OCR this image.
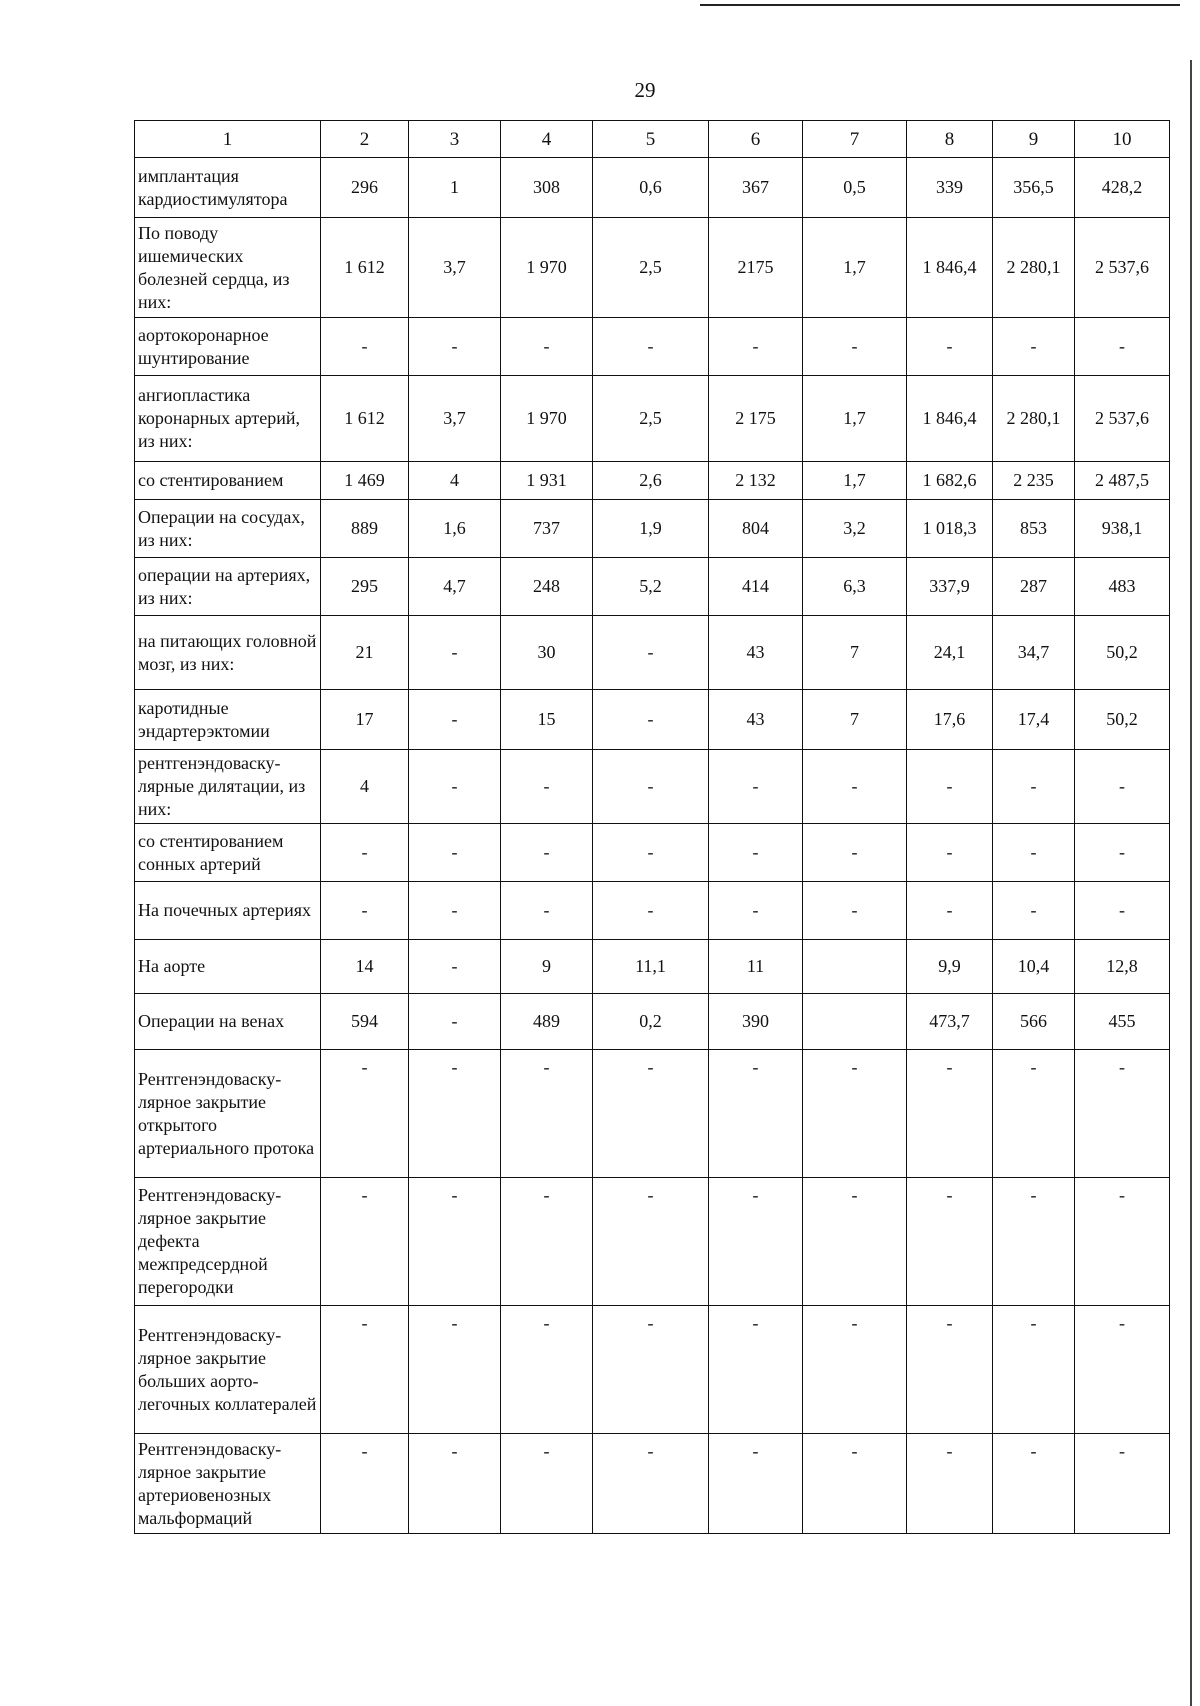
29
1	2	3	4	5	6	7	8	9	10
имплантация кардиостимулятора	296	1	308	0,6	367	0,5	339	356,5	428,2
По поводу ишемических болезней сердца, из них:	1 612	3,7	1 970	2,5	2175	1,7	1 846,4	2 280,1	2 537,6
аортокоронарное шунтирование	-	-	-	-	-	-	-	-	-
ангиопластика коронарных артерий, из них:	1 612	3,7	1 970	2,5	2 175	1,7	1 846,4	2 280,1	2 537,6
со стентированием	1 469	4	1 931	2,6	2 132	1,7	1 682,6	2 235	2 487,5
Операции на сосудах, из них:	889	1,6	737	1,9	804	3,2	1 018,3	853	938,1
операции на артериях, из них:	295	4,7	248	5,2	414	6,3	337,9	287	483
на питающих головной мозг, из них:	21	-	30	-	43	7	24,1	34,7	50,2
каротидные эндартерэктомии	17	-	15	-	43	7	17,6	17,4	50,2
рентгенэндоваску-лярные дилятации, из них:	4	-	-	-	-	-	-	-	-
со стентированием сонных артерий	-	-	-	-	-	-	-	-	-
На почечных артериях	-	-	-	-	-	-	-	-	-
На аорте	14	-	9	11,1	11		9,9	10,4	12,8
Операции на венах	594	-	489	0,2	390		473,7	566	455
Рентгенэндоваску-лярное закрытие открытого артериального протока	-	-	-	-	-	-	-	-	-
Рентгенэндоваску-лярное закрытие дефекта межпредсердной перегородки	-	-	-	-	-	-	-	-	-
Рентгенэндоваску-лярное закрытие больших аорто-легочных коллатералей	-	-	-	-	-	-	-	-	-
Рентгенэндоваску-лярное закрытие артериовенозных мальформаций	-	-	-	-	-	-	-	-	-
